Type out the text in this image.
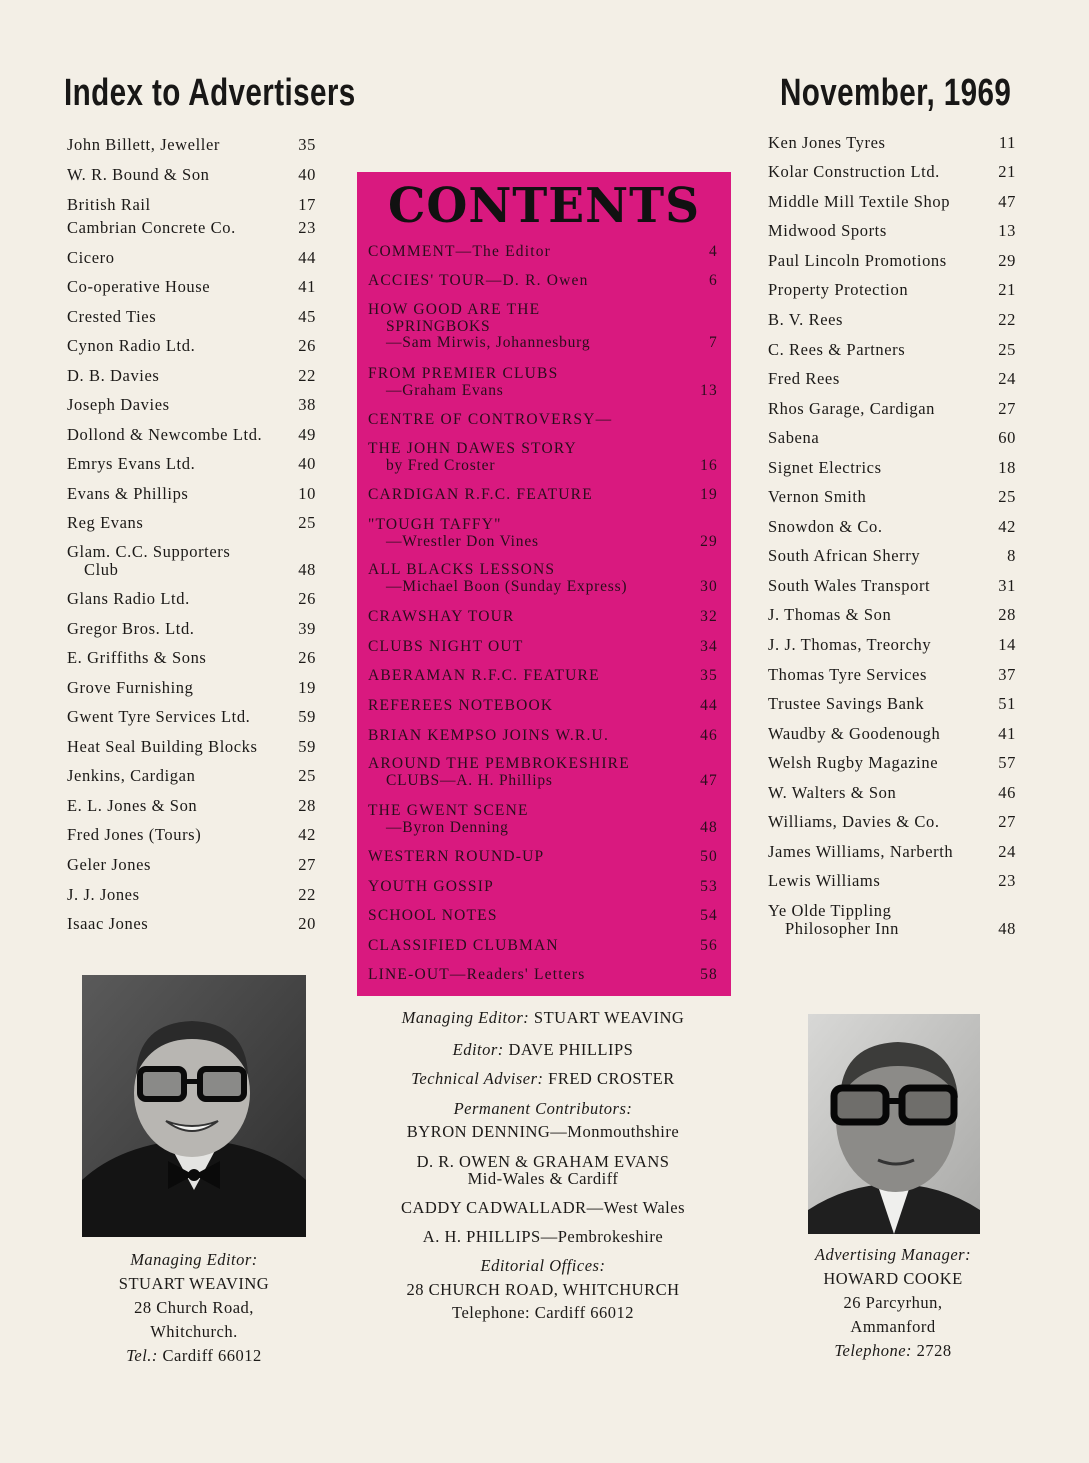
Index to Advertisers	November, 1969
John Billett, Jeweller	35
W. R. Bound & Son	40
British Rail	17
Cambrian Concrete Co.	23
Cicero	44
Co-operative House	41
Crested Ties	45
Cynon Radio Ltd.	26
D. B. Davies	22
Joseph Davies	38
Dollond & Newcombe Ltd.	49
Emrys Evans Ltd.	40
Evans & Phillips	10
Reg Evans	25
Glam. C.C. Supporters
Club	48
Glans Radio Ltd.	26
Gregor Bros. Ltd.	39
E. Griffiths & Sons	26
Grove Furnishing	19
Gwent Tyre Services Ltd.	59
Heat Seal Building Blocks	59
Jenkins, Cardigan	25
E. L. Jones & Son	28
Fred Jones (Tours)	42
Geler Jones	27
J. J. Jones	22
Isaac Jones	20
Ken Jones Tyres	11
Kolar Construction Ltd.	21
Middle Mill Textile Shop	47
Midwood Sports	13
Paul Lincoln Promotions	29
Property Protection	21
B. V. Rees	22
C. Rees & Partners	25
Fred Rees	24
Rhos Garage, Cardigan	27
Sabena	60
Signet Electrics	18
Vernon Smith	25
Snowdon & Co.	42
South African Sherry	8
South Wales Transport	31
J. Thomas & Son	28
J. J. Thomas, Treorchy	14
Thomas Tyre Services	37
Trustee Savings Bank	51
Waudby & Goodenough	41
Welsh Rugby Magazine	57
W. Walters & Son	46
Williams, Davies & Co.	27
James Williams, Narberth	24
Lewis Williams	23
Ye Olde Tippling
Philosopher Inn	48
CONTENTS
COMMENT—The Editor	4
ACCIES' TOUR—D. R. Owen	6
HOW GOOD ARE THE
SPRINGBOKS
—Sam Mirwis, Johannesburg	7
FROM PREMIER CLUBS
—Graham Evans	13
CENTRE OF CONTROVERSY—
THE JOHN DAWES STORY
by Fred Croster	16
CARDIGAN R.F.C. FEATURE	19
"TOUGH TAFFY"
—Wrestler Don Vines	29
ALL BLACKS LESSONS
—Michael Boon (Sunday Express)	30
CRAWSHAY TOUR	32
CLUBS NIGHT OUT	34
ABERAMAN R.F.C. FEATURE	35
REFEREES NOTEBOOK	44
BRIAN KEMPSO JOINS W.R.U.	46
AROUND THE PEMBROKESHIRE
CLUBS—A. H. Phillips	47
THE GWENT SCENE
—Byron Denning	48
WESTERN ROUND-UP	50
YOUTH GOSSIP	53
SCHOOL NOTES	54
CLASSIFIED CLUBMAN	56
LINE-OUT—Readers' Letters	58
Managing Editor: STUART WEAVING
Editor: DAVE PHILLIPS
Technical Adviser: FRED CROSTER
Permanent Contributors:
BYRON DENNING—Monmouthshire
D. R. OWEN & GRAHAM EVANS
Mid-Wales & Cardiff
CADDY CADWALLADR—West Wales
A. H. PHILLIPS—Pembrokeshire
Editorial Offices:
28 CHURCH ROAD, WHITCHURCH
Telephone: Cardiff 66012
Managing Editor:
STUART WEAVING
28 Church Road,
Whitchurch.
Tel.: Cardiff 66012
Advertising Manager:
HOWARD COOKE
26 Parcyrhun,
Ammanford
Telephone: 2728
